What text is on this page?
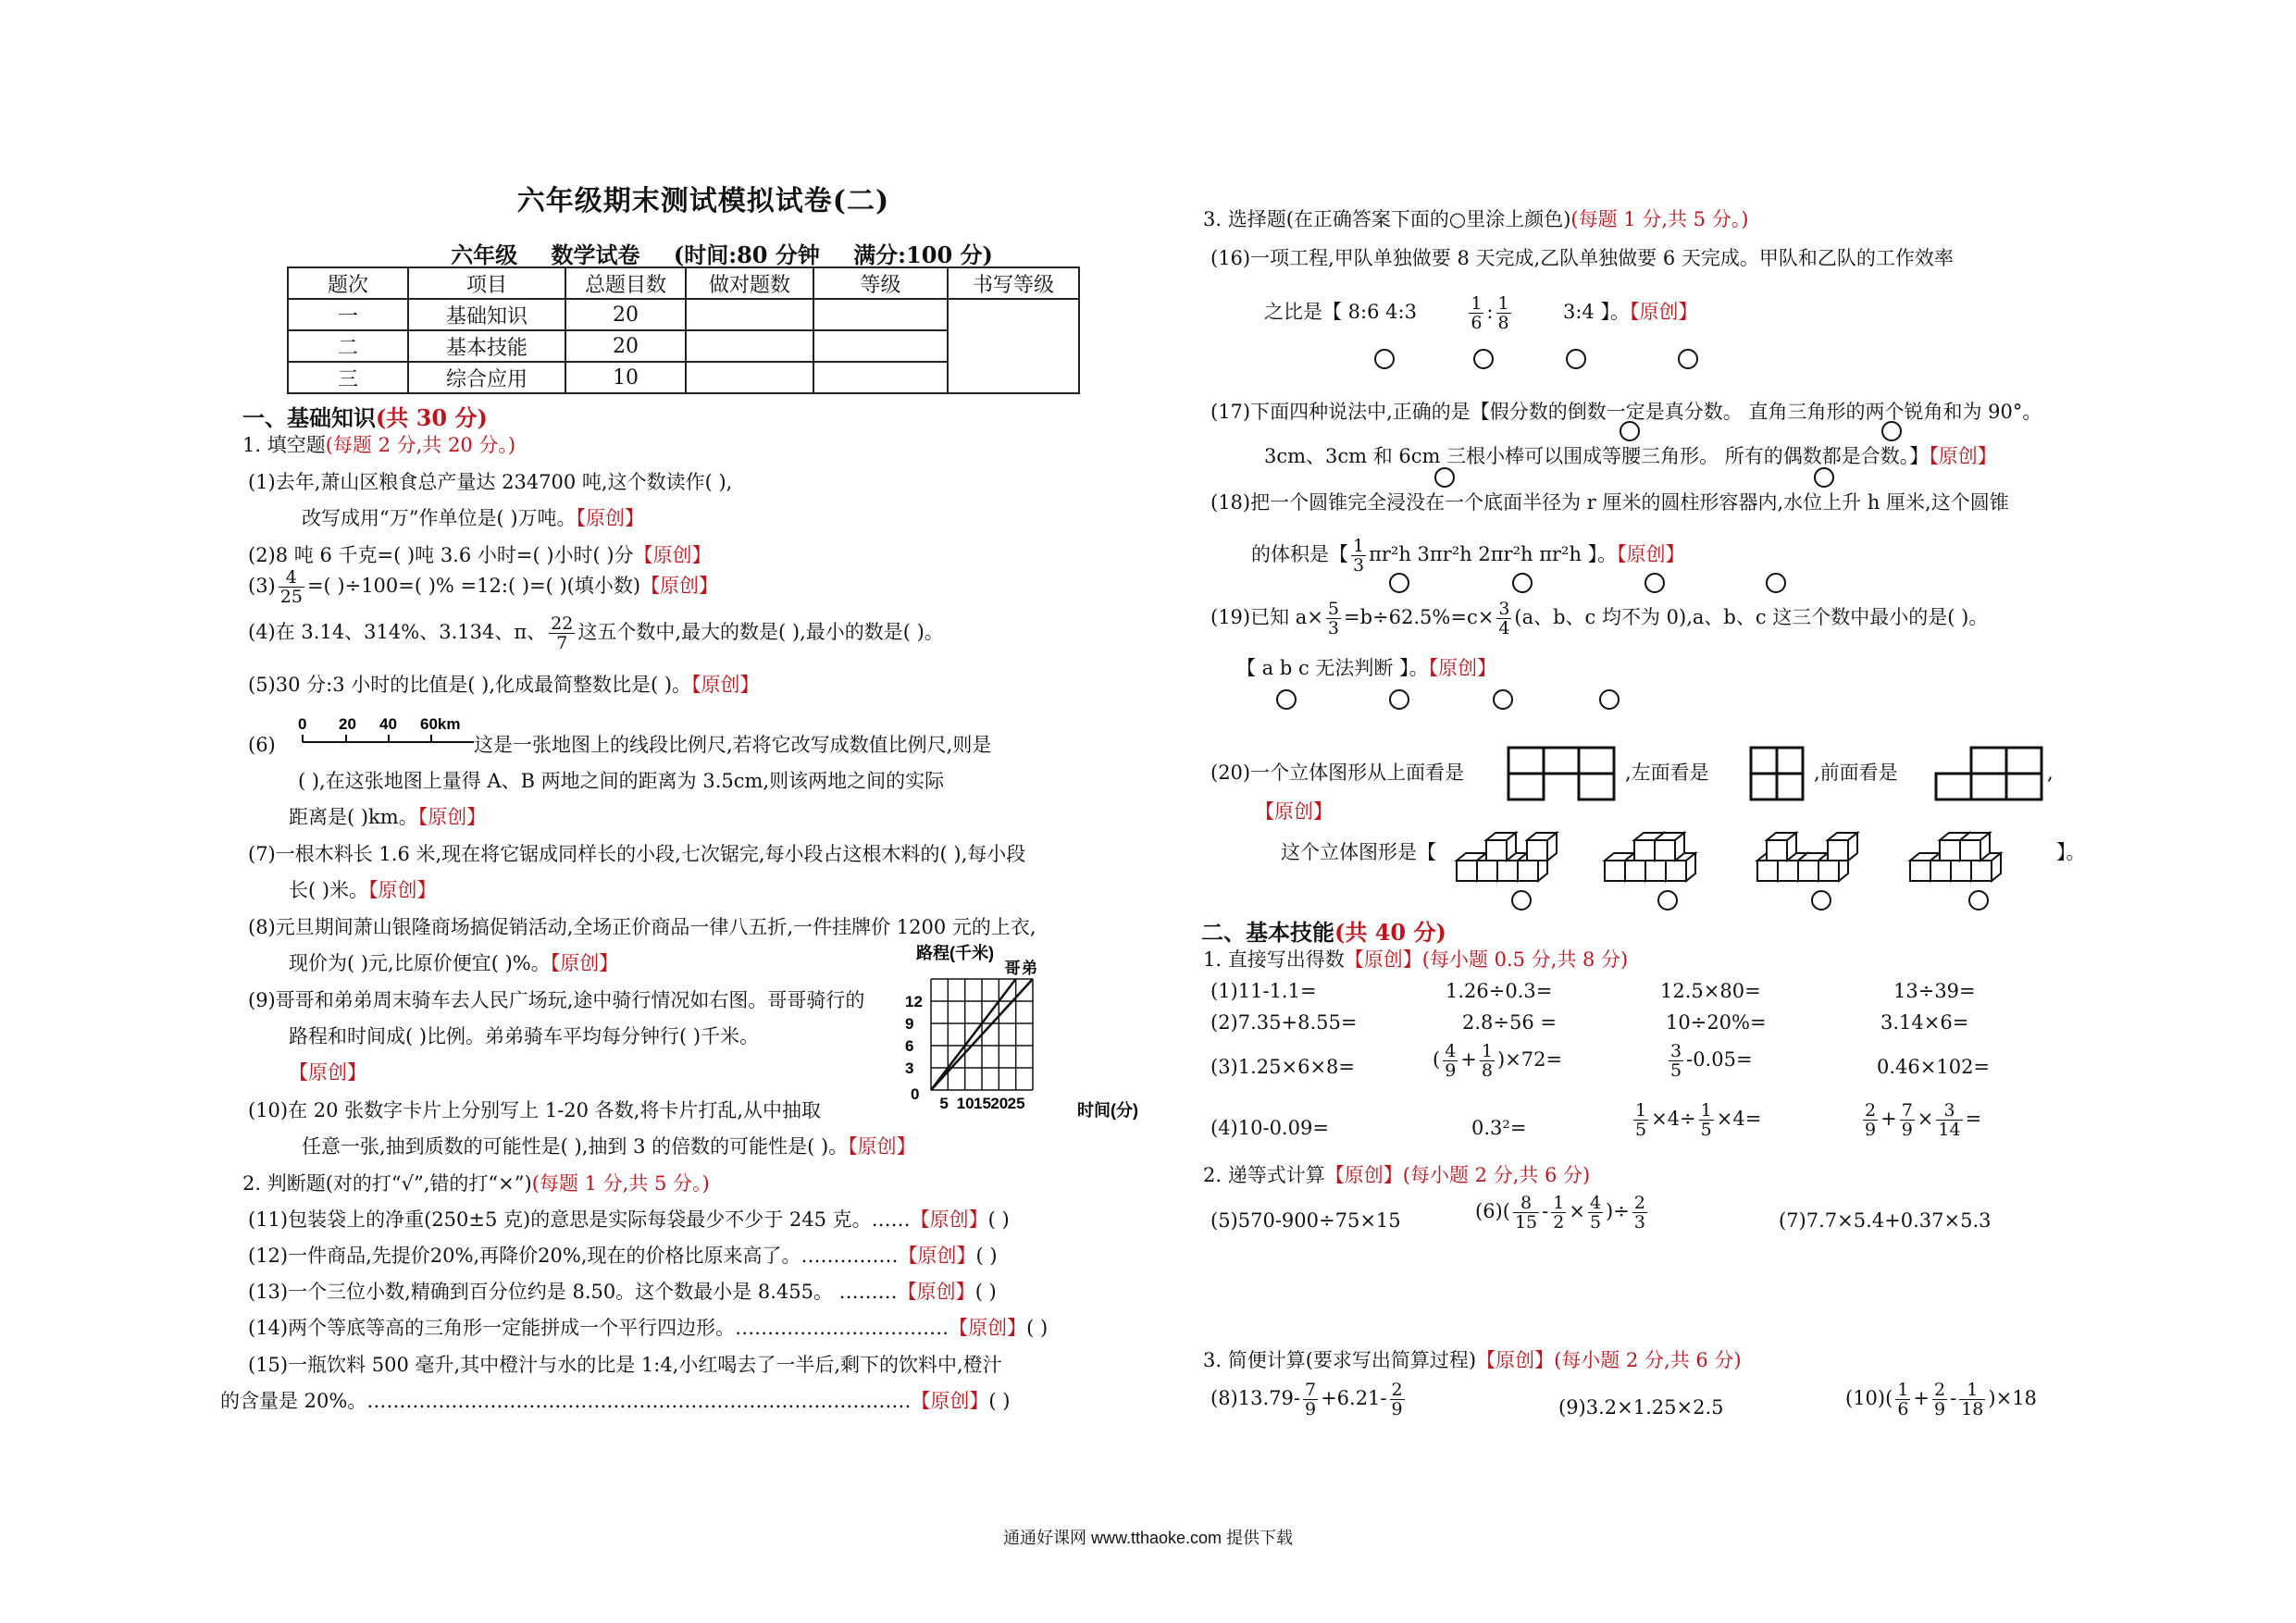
六年级期末测试模拟试卷(二)
六年级 数学试卷 (时间:80 分钟 满分:100 分)
题次	项目	总题目数	做对题数	等级	书写等级
一	基础知识	20			
二	基本技能	20			
三	综合应用	10			
一、基础知识(共 30 分)
1. 填空题(每题 2 分,共 20 分。)
(1)去年,萧山区粮食总产量达 234700 吨,这个数读作( ),
改写成用“万”作单位是( )万吨。【原创】
(2)8 吨 6 千克=( )吨 3.6 小时=( )小时( )分【原创】
$(3) \frac{4}{25}$ =( )÷100=( )% =12:( )=( )(填小数)【原创】
(4)在 3.14、314%、3.134、π、 $\frac{22}{7}$ 这五个数中,最大的数是( ),最小的数是( )。
(5)30 分:3 小时的比值是( ),化成最简整数比是( )。【原创】
0 20 40 60km
(6)	这是一张地图上的线段比例尺,若将它改写成数值比例尺,则是
( ),在这张地图上量得 A、B 两地之间的距离为 3.5cm,则该两地之间的实际
距离是( )km。【原创】
(7)一根木料长 1.6 米,现在将它锯成同样长的小段,七次锯完,每小段占这根木料的( ),每小段
长( )米。【原创】
(8)元旦期间萧山银隆商场搞促销活动,全场正价商品一律八五折,一件挂牌价 1200 元的上衣,
现价为( )元,比原价便宜( )%。【原创】
(9)哥哥和弟弟周末骑车去人民广场玩,途中骑行情况如右图。哥哥骑行的
路程和时间成( )比例。弟弟骑车平均每分钟行( )千米。
【原创】
路程(千米)
哥 弟
5 10 15 20 25
3
6
9
12
0
时间(分)
(10)在 20 张数字卡片上分别写上 1-20 各数,将卡片打乱,从中抽取
任意一张,抽到质数的可能性是( ),抽到 3 的倍数的可能性是( )。【原创】
2. 判断题(对的打“√”,错的打“×”)(每题 1 分,共 5 分。)
(11)包装袋上的净重(250±5 克)的意思是实际每袋最少不少于 245 克。……【原创】( )
(12)一件商品,先提价20%,再降价20%,现在的价格比原来高了。……………【原创】( )
(13)一个三位小数,精确到百分位约是 8.50。这个数最小是 8.455。 ………【原创】( )
(14)两个等底等高的三角形一定能拼成一个平行四边形。……………………………【原创】( )
(15)一瓶饮料 500 毫升,其中橙汁与水的比是 1:4,小红喝去了一半后,剩下的饮料中,橙汁
的含量是 20%。…………………………………………………………………………【原创】( )
3. 选择题(在正确答案下面的○里涂上颜色)(每题 1 分,共 5 分。)
(16)一项工程,甲队单独做要 8 天完成,乙队单独做要 6 天完成。甲队和乙队的工作效率
之比是【 8:6 4:3	$\frac{1}{6}$ : $\frac{1}{8}$	3:4 】。【原创】
(17)下面四种说法中,正确的是【假分数的倒数一定是真分数。 直角三角形的两个锐角和为 90°。
3cm、3cm 和 6cm 三根小棒可以围成等腰三角形。 所有的偶数都是合数。】【原创】
(18)把一个圆锥完全浸没在一个底面半径为 r 厘米的圆柱形容器内,水位上升 h 厘米,这个圆锥
的体积是【 $\frac{1}{3} \pi r^2h$ 3πr²h 2πr²h πr²h 】。【原创】
(19)已知 $a\times \frac{5}{3} =b\div 62.5\%=c\times \frac{3}{4} (a$、b、c 均不为 0),a、b、c 这三个数中最小的是( )。
【 a b c 无法判断 】。【原创】
(20)一个立体图形从上面看是	,左面看是	,前面看是	,
【原创】
这个立体图形是【	】。
二、基本技能(共 40 分)
1. 直接写出得数【原创】(每小题 0.5 分,共 8 分)
(1)11-1.1=	1.26÷0.3=	12.5×80=	13÷39=
(2)7.35+8.55=	2.8÷56 =	10÷20%=	3.14×6=
(3)1.25×6×8=	( $\frac{4}{9} + \frac{1}{8} )\times 72=$	$\frac{3}{5} -0.05=$	0.46×102=
(4)10-0.09=	0.3²=	$\frac{1}{5} \times 4\div \frac{1}{5} \times 4=$	$\frac{2}{9} + \frac{7}{9} \times \frac{3}{14}$ =
2. 递等式计算【原创】(每小题 2 分,共 6 分)
(5)570-900÷75×15	$(6)( \frac{8}{15} - \frac{1}{2} \times \frac{4}{5}$ )÷ $\frac{2}{3}$	(7)7.7×5.4+0.37×5.3
3. 简便计算(要求写出简算过程)【原创】(每小题 2 分,共 6 分)
$(8)13.79- \frac{7}{9} +6.21- \frac{2}{9}$	(9)3.2×1.25×2.5	$(10)( \frac{1}{6} + \frac{2}{9} - \frac{1}{18} )\times 18$
通通好课网 www.tthaoke.com 提供下载
